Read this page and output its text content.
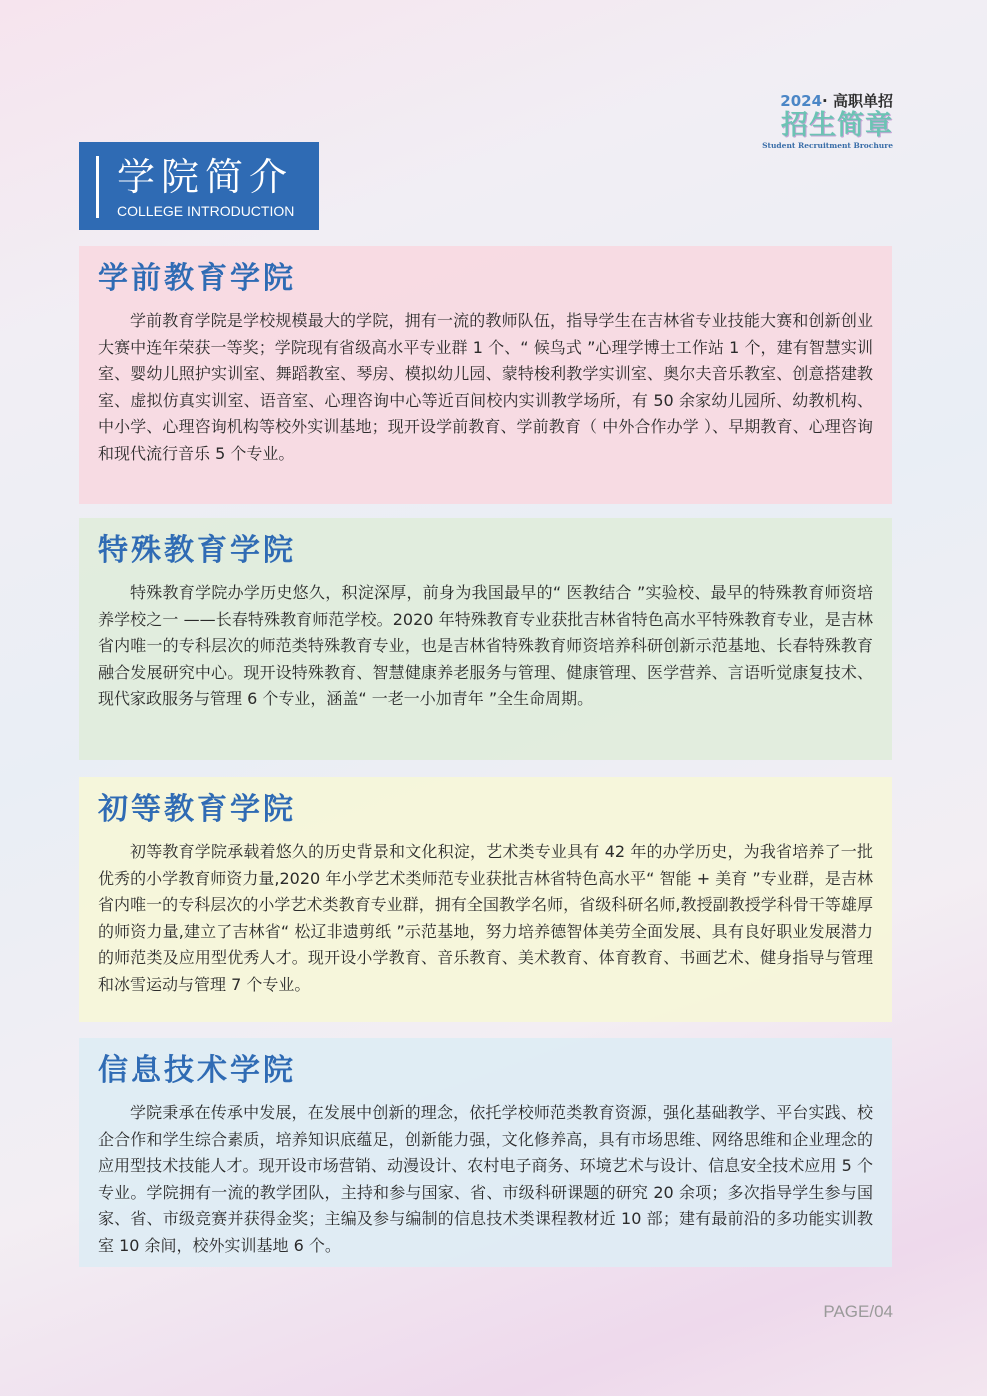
2024· 高职单招
招生简章
Student Recruitment Brochure
学院简介
COLLEGE INTRODUCTION
学前教育学院

学前教育学院是学校规模最大的学院，拥有一流的教师队伍，指导学生在吉林省专业技能大赛和创新创业大赛中连年荣获一等奖；学院现有省级高水平专业群 1 个、“ 候鸟式 ”心理学博士工作站 1 个，建有智慧实训室、婴幼儿照护实训室、舞蹈教室、琴房、模拟幼儿园、蒙特梭利教学实训室、奥尔夫音乐教室、创意搭建教室、虚拟仿真实训室、语音室、心理咨询中心等近百间校内实训教学场所，有 50 余家幼儿园所、幼教机构、中小学、心理咨询机构等校外实训基地；现开设学前教育、学前教育（ 中外合作办学 ）、早期教育、心理咨询和现代流行音乐 5 个专业。

特殊教育学院

特殊教育学院办学历史悠久，积淀深厚，前身为我国最早的“ 医教结合 ”实验校、最早的特殊教育师资培养学校之一 ——长春特殊教育师范学校。2020 年特殊教育专业获批吉林省特色高水平特殊教育专业，是吉林省内唯一的专科层次的师范类特殊教育专业，也是吉林省特殊教育师资培养科研创新示范基地、长春特殊教育融合发展研究中心。现开设特殊教育、智慧健康养老服务与管理、健康管理、医学营养、言语听觉康复技术、现代家政服务与管理 6 个专业，涵盖“ 一老一小加青年 ”全生命周期。

初等教育学院

初等教育学院承载着悠久的历史背景和文化积淀，艺术类专业具有 42 年的办学历史，为我省培养了一批优秀的小学教育师资力量,2020 年小学艺术类师范专业获批吉林省特色高水平“ 智能 + 美育 ”专业群，是吉林省内唯一的专科层次的小学艺术类教育专业群，拥有全国教学名师，省级科研名师,教授副教授学科骨干等雄厚的师资力量,建立了吉林省“ 松辽非遗剪纸 ”示范基地，努力培养德智体美劳全面发展、具有良好职业发展潜力的师范类及应用型优秀人才。现开设小学教育、音乐教育、美术教育、体育教育、书画艺术、健身指导与管理和冰雪运动与管理 7 个专业。

信息技术学院

学院秉承在传承中发展，在发展中创新的理念，依托学校师范类教育资源，强化基础教学、平台实践、校企合作和学生综合素质，培养知识底蕴足，创新能力强，文化修养高，具有市场思维、网络思维和企业理念的应用型技术技能人才。现开设市场营销、动漫设计、农村电子商务、环境艺术与设计、信息安全技术应用 5 个专业。学院拥有一流的教学团队，主持和参与国家、省、市级科研课题的研究 20 余项；多次指导学生参与国家、省、市级竞赛并获得金奖；主编及参与编制的信息技术类课程教材近 10 部；建有最前沿的多功能实训教室 10 余间，校外实训基地 6 个。

PAGE/04
